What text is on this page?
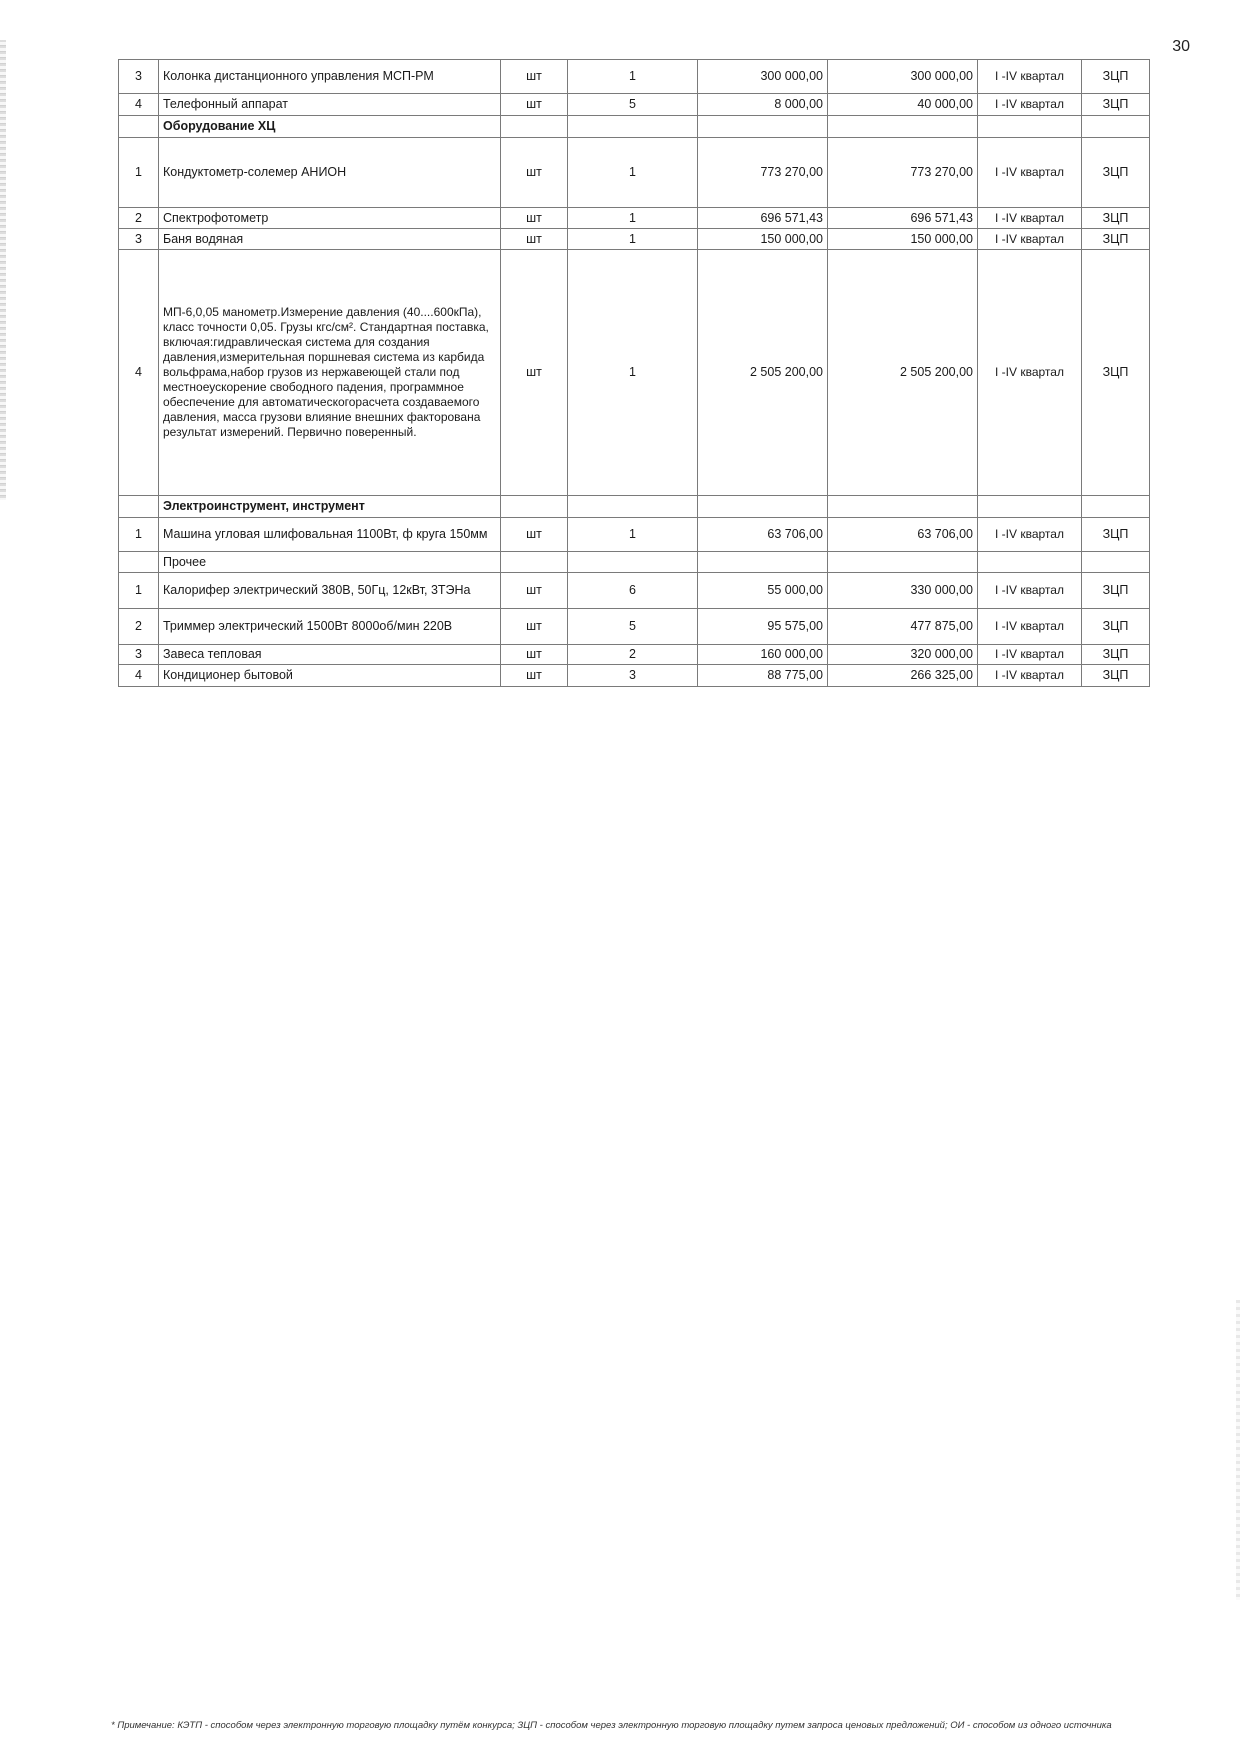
30
3	Колонка дистанционного управления МСП-РМ	шт	1	300 000,00	300 000,00	I -IV квартал	ЗЦП
4	Телефонный аппарат	шт	5	8 000,00	40 000,00	I -IV квартал	ЗЦП
	Оборудование ХЦ						
1	Кондуктометр-солемер АНИОН	шт	1	773 270,00	773 270,00	I -IV квартал	ЗЦП
2	Спектрофотометр	шт	1	696 571,43	696 571,43	I -IV квартал	ЗЦП
3	Баня водяная	шт	1	150 000,00	150 000,00	I -IV квартал	ЗЦП
4	МП-6,0,05 манометр.Измерение давления (40....600кПа), класс точности 0,05. Грузы кгс/см². Стандартная поставка, включая:гидравлическая система для создания давления,измерительная поршневая система из карбида вольфрама,набор грузов из нержавеющей стали под местноеускорение свободного падения, программное обеспечение для автоматическогорасчета создаваемого давления, масса грузови влияние внешних факторована результат измерений. Первично поверенный.	шт	1	2 505 200,00	2 505 200,00	I -IV квартал	ЗЦП
	Электроинструмент, инструмент						
1	Машина угловая шлифовальная 1100Вт, ф круга 150мм	шт	1	63 706,00	63 706,00	I -IV квартал	ЗЦП
	Прочее						
1	Калорифер электрический 380В, 50Гц, 12кВт, 3ТЭНа	шт	6	55 000,00	330 000,00	I -IV квартал	ЗЦП
2	Триммер электрический 1500Вт 8000об/мин 220В	шт	5	95 575,00	477 875,00	I -IV квартал	ЗЦП
3	Завеса тепловая	шт	2	160 000,00	320 000,00	I -IV квартал	ЗЦП
4	Кондиционер бытовой	шт	3	88 775,00	266 325,00	I -IV квартал	ЗЦП
* Примечание: КЭТП - способом через электронную торговую площадку путём конкурса; ЗЦП - способом через электронную торговую площадку путем запроса ценовых предложений; ОИ - способом из одного источника
